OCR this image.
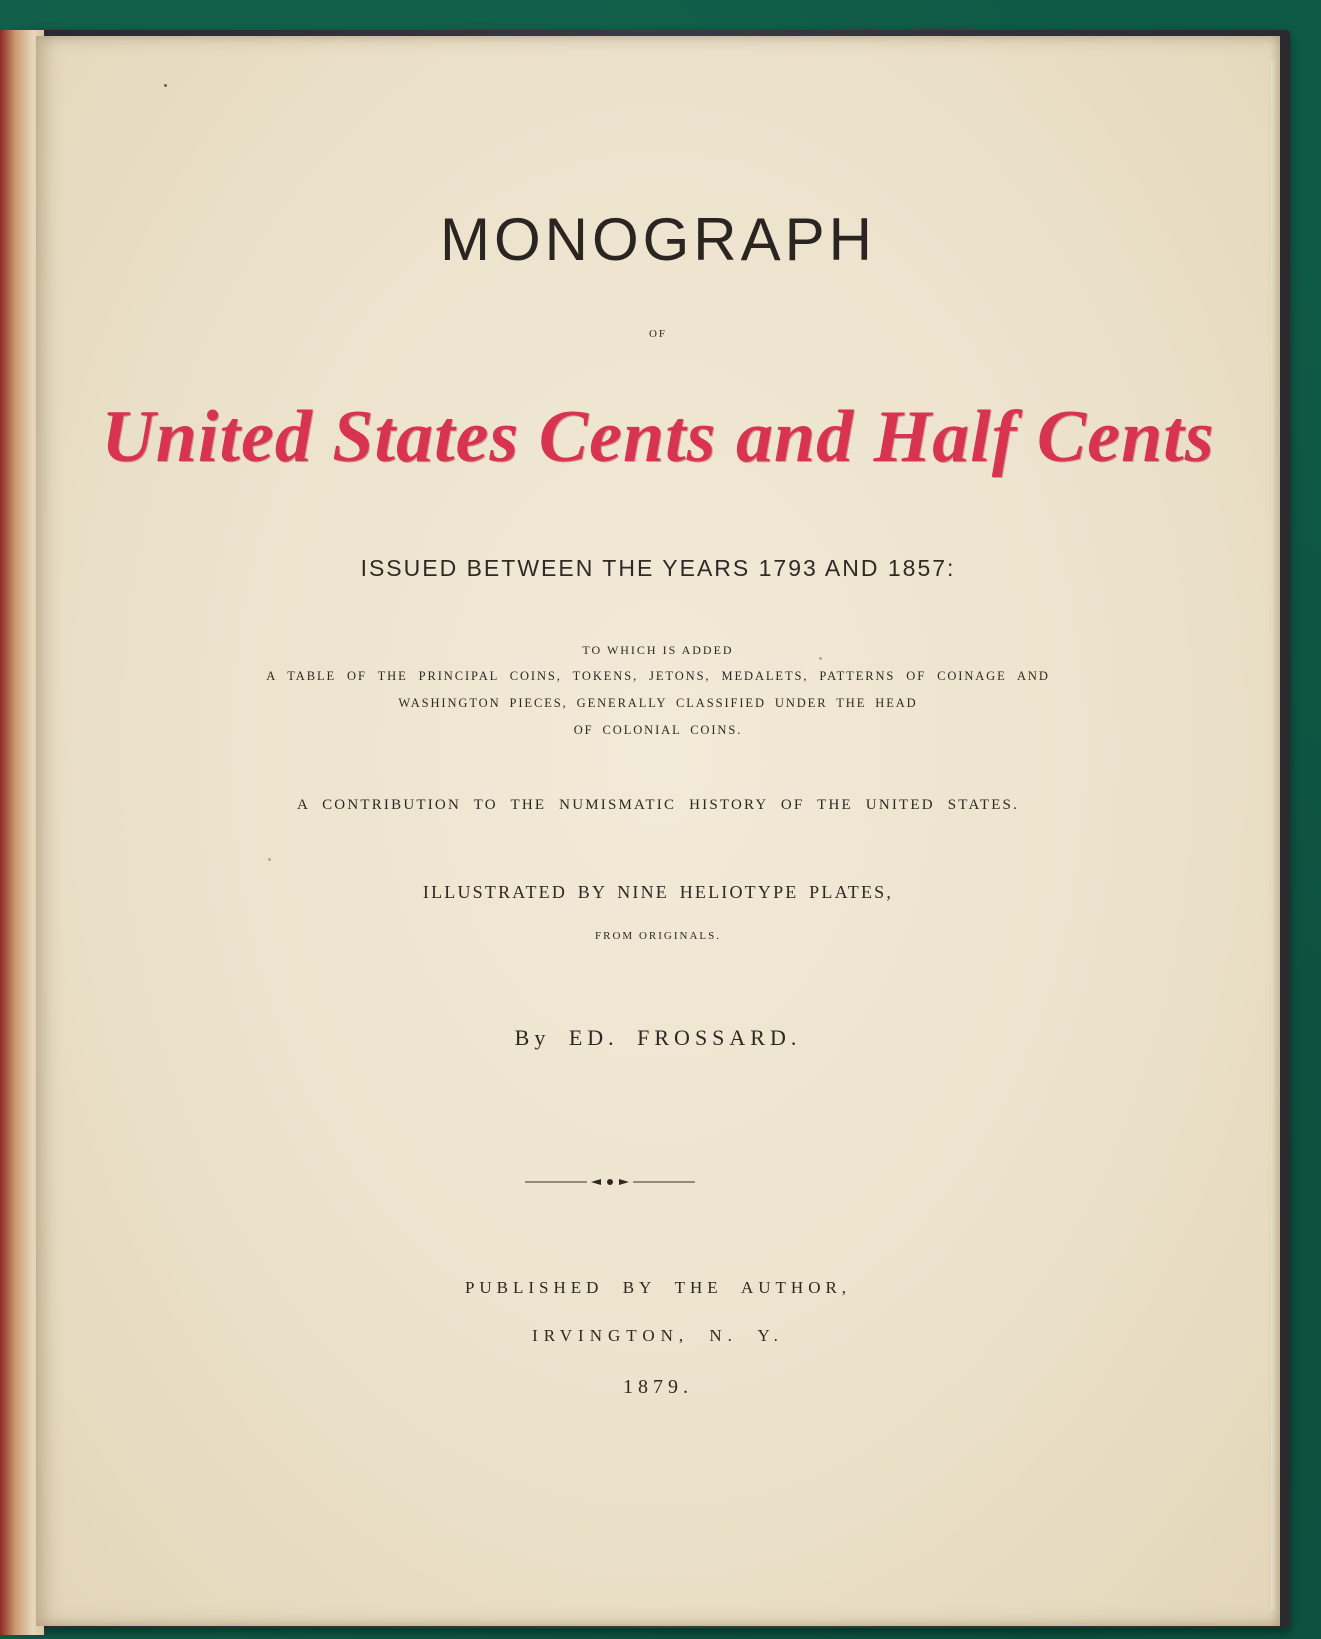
MONOGRAPH
OF
United States Cents and Half Cents
ISSUED BETWEEN THE YEARS 1793 AND 1857:
TO WHICH IS ADDED
A TABLE OF THE PRINCIPAL COINS, TOKENS, JETONS, MEDALETS, PATTERNS OF COINAGE AND
WASHINGTON PIECES, GENERALLY CLASSIFIED UNDER THE HEAD
OF COLONIAL COINS.
A CONTRIBUTION TO THE NUMISMATIC HISTORY OF THE UNITED STATES.
ILLUSTRATED BY NINE HELIOTYPE PLATES,
FROM ORIGINALS.
By ED. FROSSARD.
PUBLISHED BY THE AUTHOR,
IRVINGTON, N. Y.
1879.
